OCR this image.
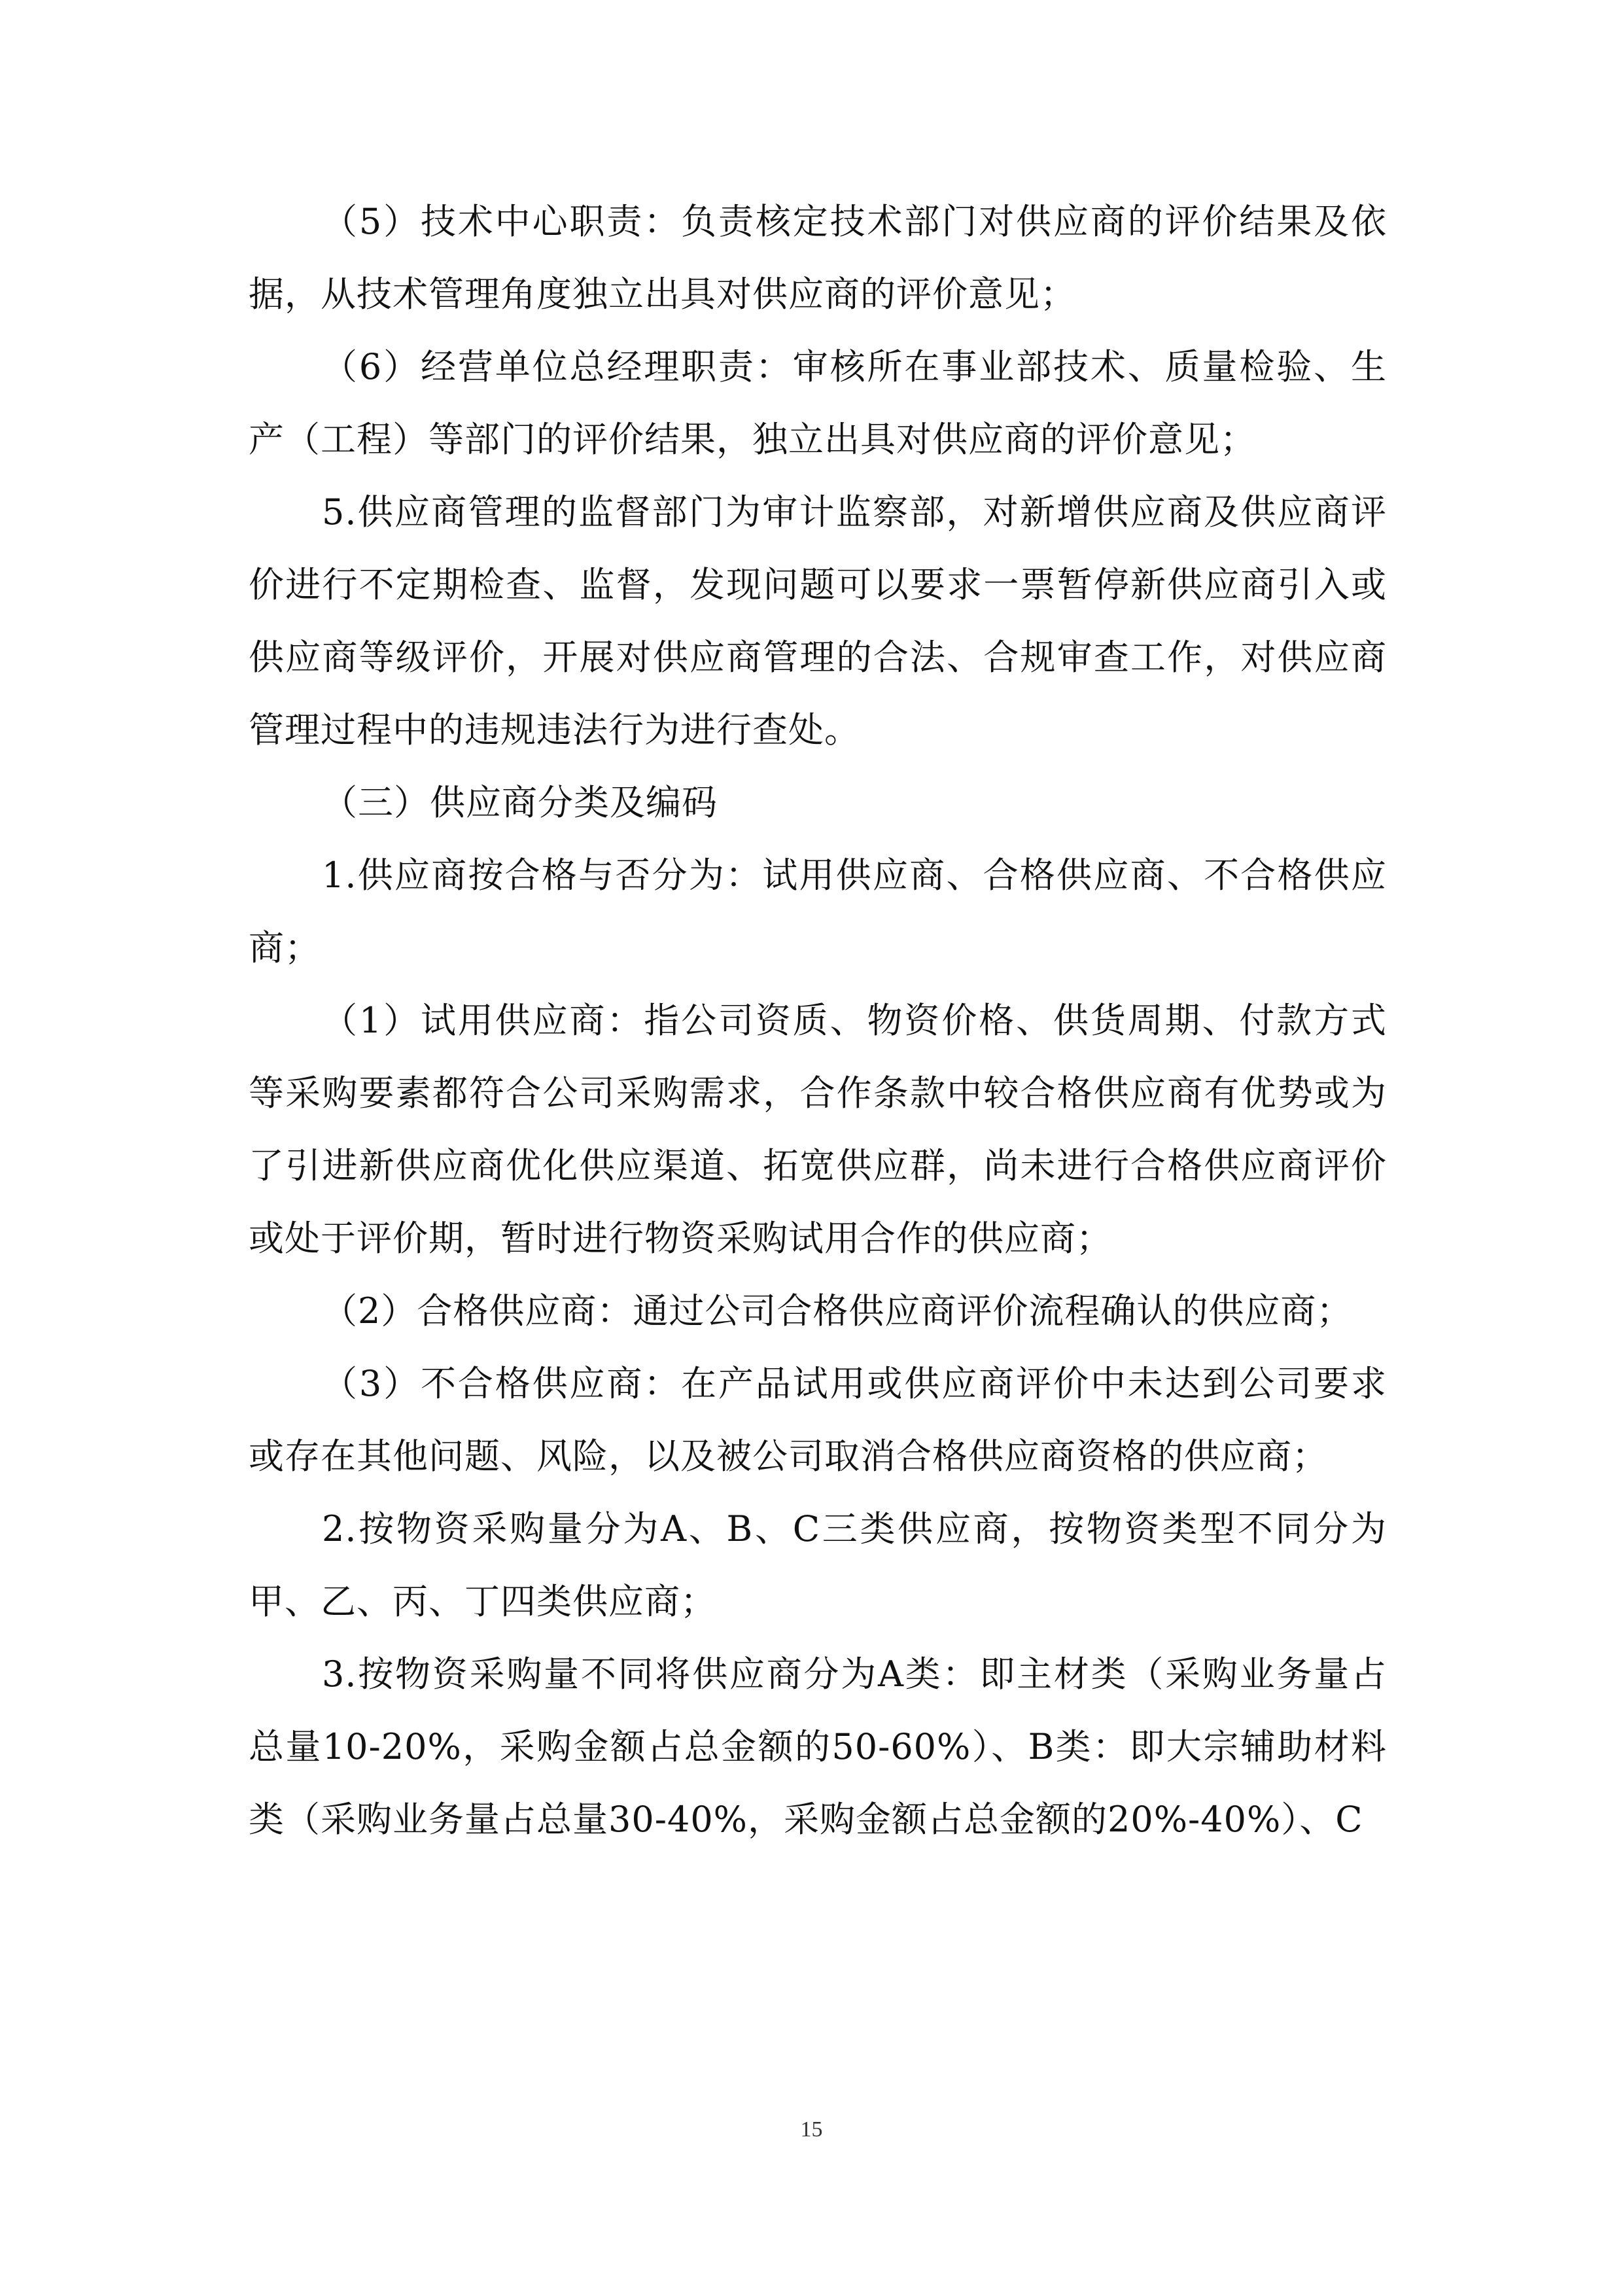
（5）技术中心职责：负责核定技术部门对供应商的评价结果及依据，从技术管理角度独立出具对供应商的评价意见；

（6）经营单位总经理职责：审核所在事业部技术、质量检验、生产（工程）等部门的评价结果，独立出具对供应商的评价意见；

5.供应商管理的监督部门为审计监察部，对新增供应商及供应商评价进行不定期检查、监督，发现问题可以要求一票暂停新供应商引入或供应商等级评价，开展对供应商管理的合法、合规审查工作，对供应商管理过程中的违规违法行为进行查处。

（三）供应商分类及编码

1.供应商按合格与否分为：试用供应商、合格供应商、不合格供应商；

（1）试用供应商：指公司资质、物资价格、供货周期、付款方式等采购要素都符合公司采购需求，合作条款中较合格供应商有优势或为了引进新供应商优化供应渠道、拓宽供应群，尚未进行合格供应商评价或处于评价期，暂时进行物资采购试用合作的供应商；

（2）合格供应商：通过公司合格供应商评价流程确认的供应商；

（3）不合格供应商：在产品试用或供应商评价中未达到公司要求或存在其他问题、风险，以及被公司取消合格供应商资格的供应商；

2.按物资采购量分为A、B、C三类供应商，按物资类型不同分为甲、乙、丙、丁四类供应商；

3.按物资采购量不同将供应商分为A类：即主材类（采购业务量占总量10-20%，采购金额占总金额的50-60%）、B类：即大宗辅助材料类（采购业务量占总量30-40%，采购金额占总金额的20%-40%）、C

15
